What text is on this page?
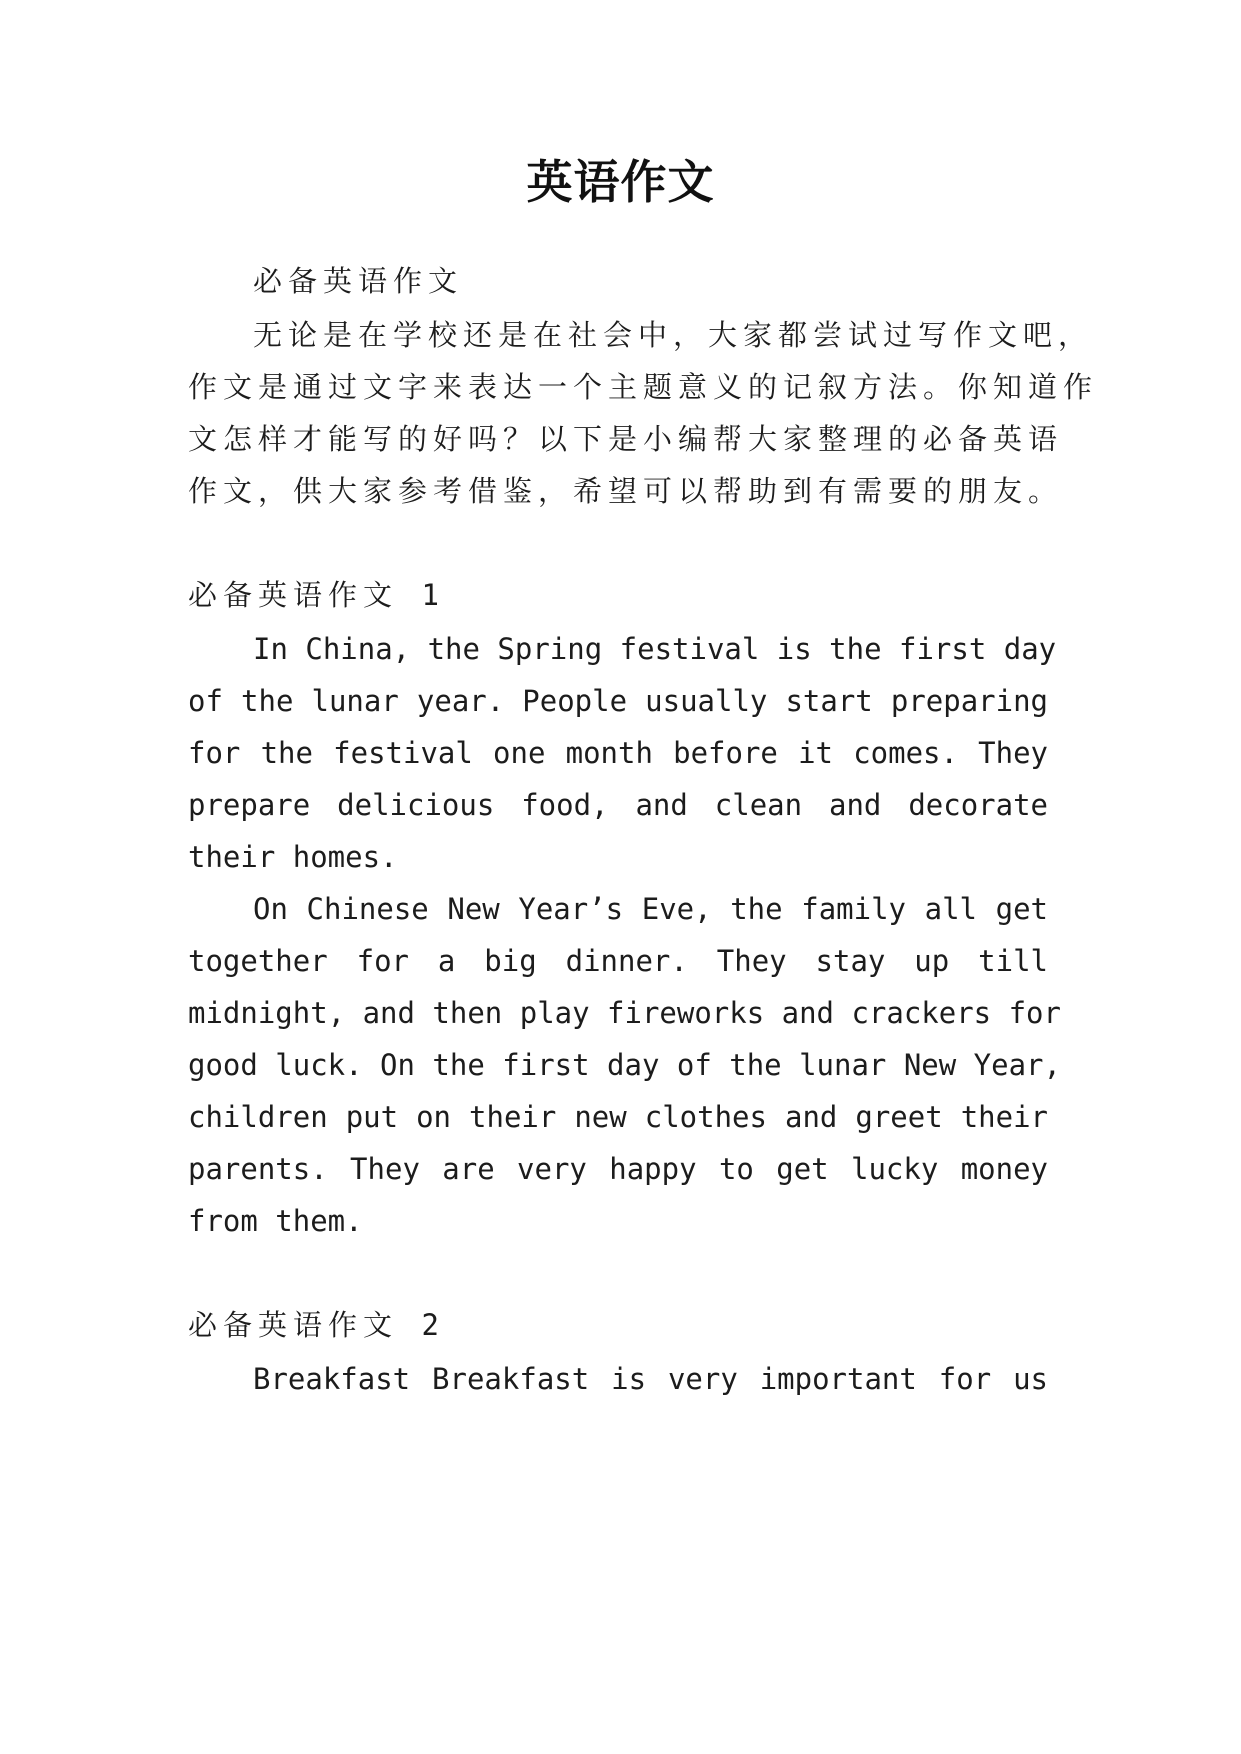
英语作文
必备英语作文
无论是在学校还是在社会中，大家都尝试过写作文吧，
作文是通过文字来表达一个主题意义的记叙方法。你知道作
文怎样才能写的好吗？以下是小编帮大家整理的必备英语
作文，供大家参考借鉴，希望可以帮助到有需要的朋友。
必备英语作文 1
In China, the Spring festival is the first day
of the lunar year. People usually start preparing
for the festival one month before it comes. They
prepare delicious food, and clean and decorate
their homes.
On Chinese New Year’s Eve, the family all get
together for a big dinner. They stay up till
midnight, and then play fireworks and crackers for
good luck. On the first day of the lunar New Year,
children put on their new clothes and greet their
parents. They are very happy to get lucky money
from them.
必备英语作文 2
Breakfast Breakfast is very important for us
